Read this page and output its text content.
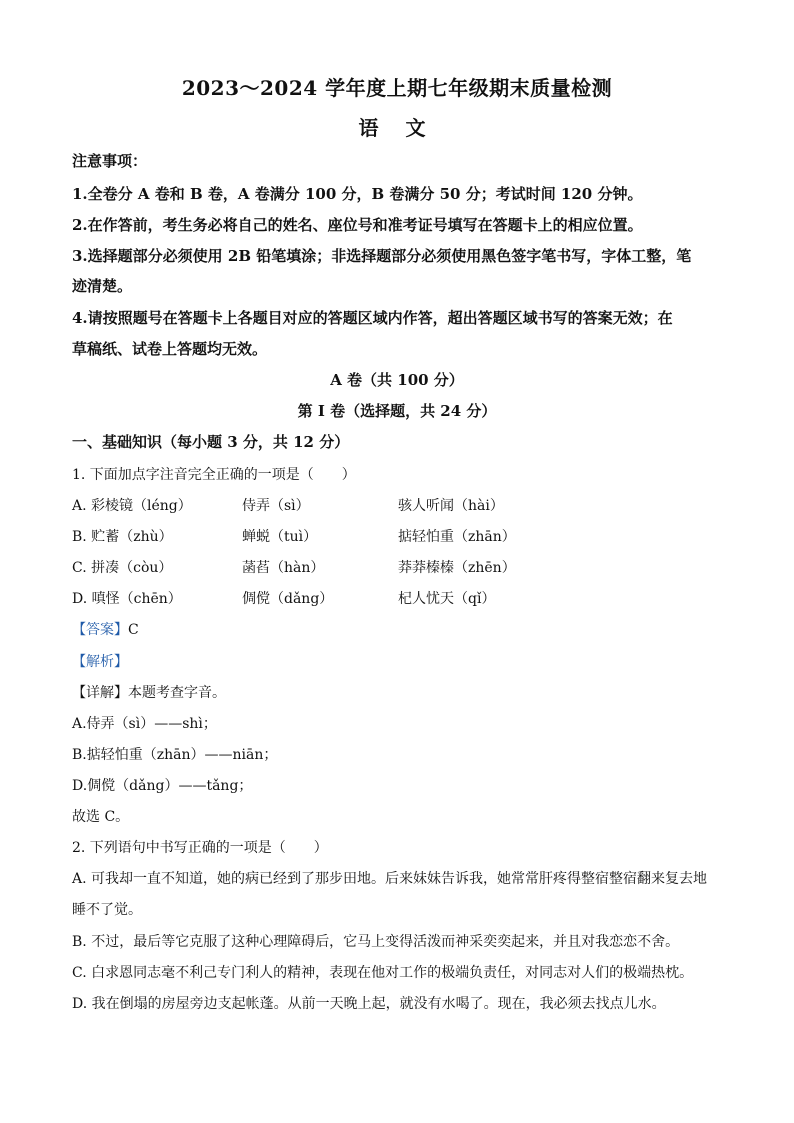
2023～2024 学年度上期七年级期末质量检测
语 文
注意事项：
1.全卷分 A 卷和 B 卷，A 卷满分 100 分，B 卷满分 50 分；考试时间 120 分钟。
2.在作答前，考生务必将自己的姓名、座位号和准考证号填写在答题卡上的相应位置。
3.选择题部分必须使用 2B 铅笔填涂；非选择题部分必须使用黑色签字笔书写，字体工整，笔
迹清楚。
4.请按照题号在答题卡上各题目对应的答题区域内作答，超出答题区域书写的答案无效；在
草稿纸、试卷上答题均无效。
A 卷（共 100 分）
第 Ⅰ 卷（选择题，共 24 分）
一、基础知识（每小题 3 分，共 12 分）
1. 下面加点字注音完全正确的一项是（　　）
A. 彩棱镜（léng）	侍弄（sì）	骇人听闻（hài）
B. 贮蓄（zhù）	蝉蜕（tuì）	掂轻怕重（zhān）
C. 拼凑（còu）	菡萏（hàn）	莽莽榛榛（zhēn）
D. 嗔怪（chēn）	倜傥（dǎng）	杞人忧天（qǐ）
【答案】C
【解析】
【详解】本题考查字音。
A.侍弄（sì）——shì；
B.掂轻怕重（zhān）——niān；
D.倜傥（dǎng）——tǎng；
故选 C。
2. 下列语句中书写正确的一项是（　　）
A. 可我却一直不知道，她的病已经到了那步田地。后来妹妹告诉我，她常常肝疼得整宿整宿翻来复去地
睡不了觉。
B. 不过，最后等它克服了这种心理障碍后，它马上变得活泼而神采奕奕起来，并且对我恋恋不舍。
C. 白求恩同志毫不利己专门利人的精神，表现在他对工作的极端负责任，对同志对人们的极端热枕。
D. 我在倒塌的房屋旁边支起帐蓬。从前一天晚上起，就没有水喝了。现在，我必须去找点儿水。
